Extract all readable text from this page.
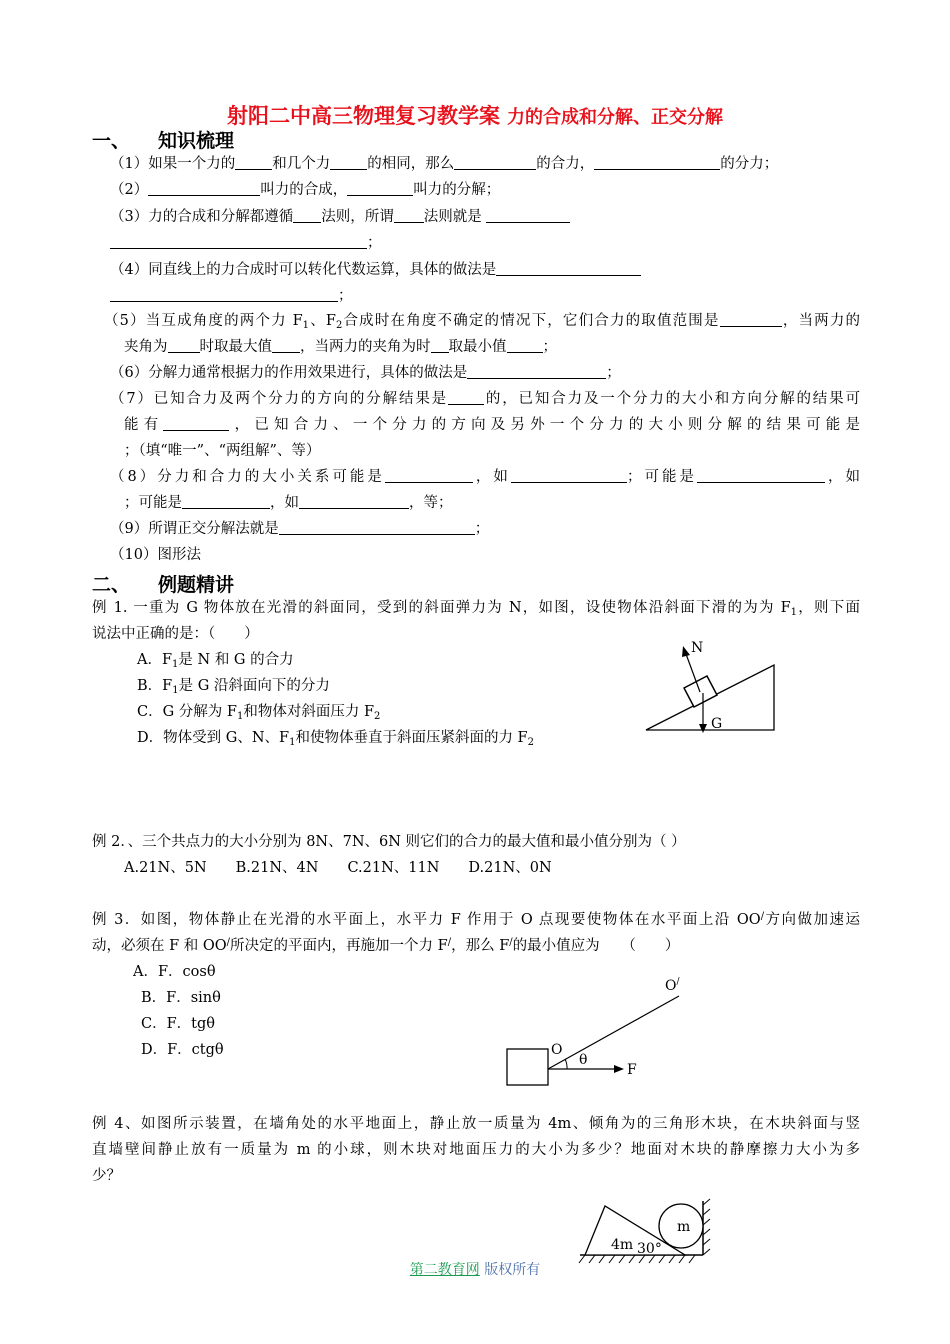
射阳二中高三物理复习教学案 力的合成和分解、正交分解
一、 知识梳理
（1）如果一个力的	和几个力	的相同，那么	的合力，	的分力；
（2）	叫力的合成，	叫力的分解；
（3）力的合成和分解都遵循 法则，所谓 法则就是
；
（4）同直线上的力合成时可以转化代数运算，具体的做法是
；
（5）当互成角度的两个力 $F_1$、$F_2$合成时在角度不确定的情况下，它们合力的取值范围是	，当两力的
夹角为 时取最大值 ，当两力的夹角为时 取最小值 ；
（6）分解力通常根据力的作用效果进行，具体的做法是	；
（7）已知合力及两个分力的方向的分解结果是 的，已知合力及一个分力的大小和方向分解的结果可
能有	，已知合力、一个分力的方向及另外一个分力的大小则分解的结果可能是
；（填“唯一”、“两组解”、等）
（8）分力和合力的大小关系可能是	，如	；可能是	，如
；可能是	，如	，等；
（9）所谓正交分解法就是	；
（10）图形法
二、 例题精讲
例 1. 一重为 G 物体放在光滑的斜面同，受到的斜面弹力为 N，如图，设使物体沿斜面下滑的为为 $F_1$，则下面
说法中正确的是：（　　）
A．$F_1$是 N 和 G 的合力
B．$F_1$是 G 沿斜面向下的分力
C．G 分解为 $F_1$和物体对斜面压力 $F_2$
D．物体受到 G、N、$F_1$和使物体垂直于斜面压紧斜面的力 $F_2$
N
G
例 2．、三个共点力的大小分别为 8N、7N、6N 则它们的合力的最大值和最小值分别为（ ）
A.21N、5N　　B.21N、4N　　C.21N、11N　　D.21N、0N
例 3．如图，物体静止在光滑的水平面上，水平力 F 作用于 O 点现要使物体在水平面上沿 OO/方向做加速运
动，必须在 F 和 OO/所决定的平面内，再施加一个力 F/，那么 F/的最小值应为　　（　　）
A．F．cosθ
B．F．sinθ
C．F．tgθ
D．F．ctgθ	O
θ
F
O/
例 4、如图所示装置，在墙角处的水平地面上，静止放一质量为 4m、倾角为的三角形木块，在木块斜面与竖
直墙壁间静止放有一质量为 m 的小球，则木块对地面压力的大小为多少？地面对木块的静摩擦力大小为多
少？
m
4m 30°
第二教育网 版权所有
